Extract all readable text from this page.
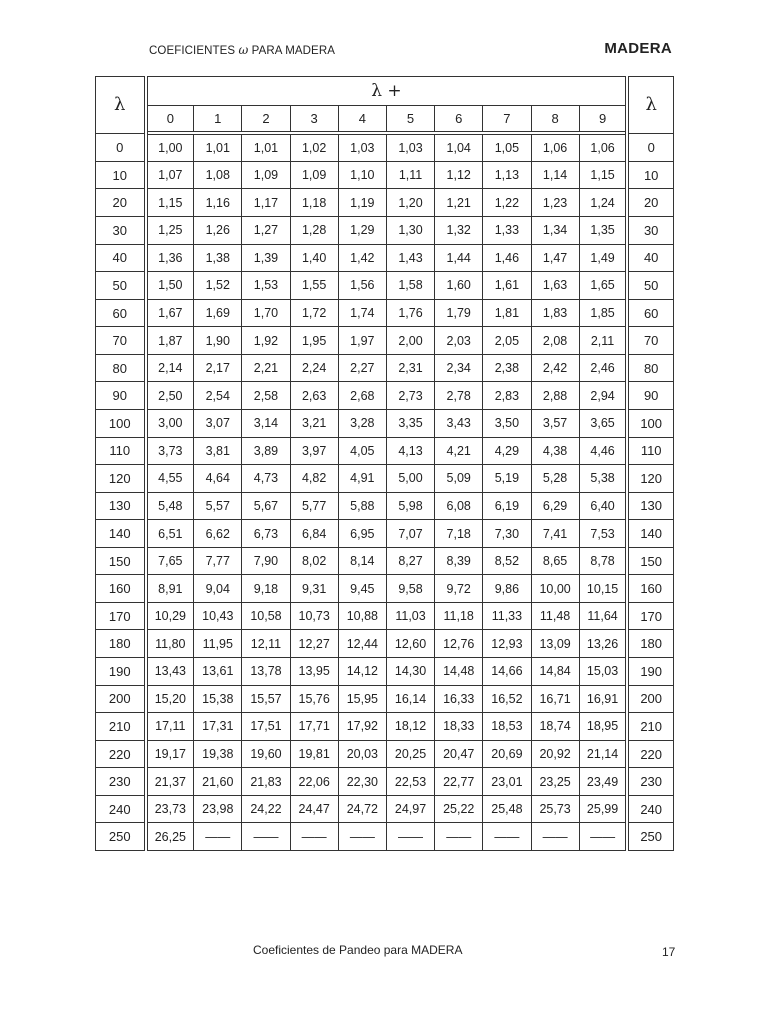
COEFICIENTES ω PARA MADERA	MADERA
λ	λ +										λ
	0	1	2	3	4	5	6	7	8	9	
0	1,00	1,01	1,01	1,02	1,03	1,03	1,04	1,05	1,06	1,06	0
10	1,07	1,08	1,09	1,09	1,10	1,11	1,12	1,13	1,14	1,15	10
20	1,15	1,16	1,17	1,18	1,19	1,20	1,21	1,22	1,23	1,24	20
30	1,25	1,26	1,27	1,28	1,29	1,30	1,32	1,33	1,34	1,35	30
40	1,36	1,38	1,39	1,40	1,42	1,43	1,44	1,46	1,47	1,49	40
50	1,50	1,52	1,53	1,55	1,56	1,58	1,60	1,61	1,63	1,65	50
60	1,67	1,69	1,70	1,72	1,74	1,76	1,79	1,81	1,83	1,85	60
70	1,87	1,90	1,92	1,95	1,97	2,00	2,03	2,05	2,08	2,11	70
80	2,14	2,17	2,21	2,24	2,27	2,31	2,34	2,38	2,42	2,46	80
90	2,50	2,54	2,58	2,63	2,68	2,73	2,78	2,83	2,88	2,94	90
100	3,00	3,07	3,14	3,21	3,28	3,35	3,43	3,50	3,57	3,65	100
110	3,73	3,81	3,89	3,97	4,05	4,13	4,21	4,29	4,38	4,46	110
120	4,55	4,64	4,73	4,82	4,91	5,00	5,09	5,19	5,28	5,38	120
130	5,48	5,57	5,67	5,77	5,88	5,98	6,08	6,19	6,29	6,40	130
140	6,51	6,62	6,73	6,84	6,95	7,07	7,18	7,30	7,41	7,53	140
150	7,65	7,77	7,90	8,02	8,14	8,27	8,39	8,52	8,65	8,78	150
160	8,91	9,04	9,18	9,31	9,45	9,58	9,72	9,86	10,00	10,15	160
170	10,29	10,43	10,58	10,73	10,88	11,03	11,18	11,33	11,48	11,64	170
180	11,80	11,95	12,11	12,27	12,44	12,60	12,76	12,93	13,09	13,26	180
190	13,43	13,61	13,78	13,95	14,12	14,30	14,48	14,66	14,84	15,03	190
200	15,20	15,38	15,57	15,76	15,95	16,14	16,33	16,52	16,71	16,91	200
210	17,11	17,31	17,51	17,71	17,92	18,12	18,33	18,53	18,74	18,95	210
220	19,17	19,38	19,60	19,81	20,03	20,25	20,47	20,69	20,92	21,14	220
230	21,37	21,60	21,83	22,06	22,30	22,53	22,77	23,01	23,25	23,49	230
240	23,73	23,98	24,22	24,47	24,72	24,97	25,22	25,48	25,73	25,99	240
250	26,25	——	——	——	——	——	——	——	——	——	250
Coeficientes de Pandeo para MADERA	17
